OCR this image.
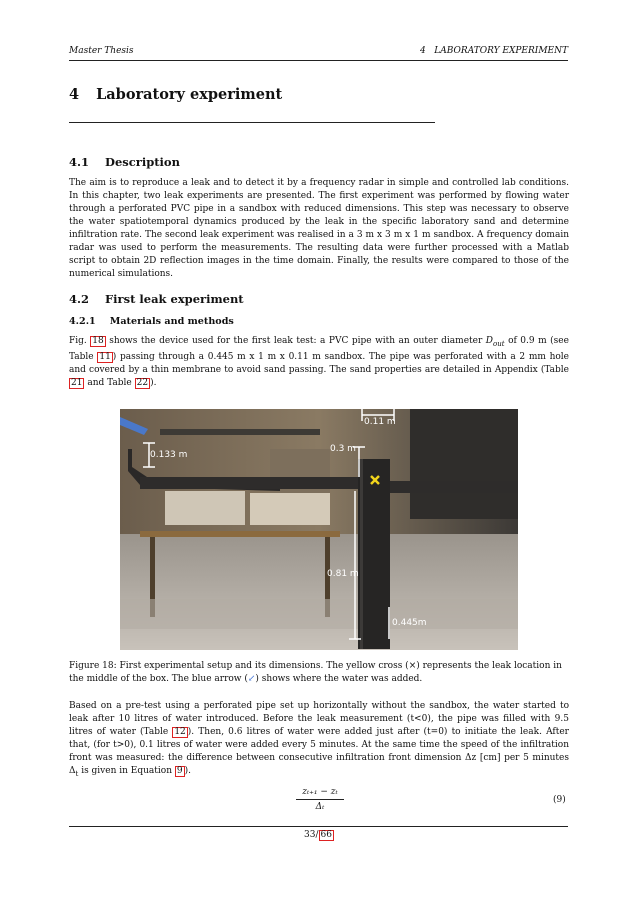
Master Thesis	4   LABORATORY EXPERIMENT
4 Laboratory experiment
4.1 Description

The aim is to reproduce a leak and to detect it by a frequency radar in simple and controlled lab conditions. In this chapter, two leak experiments are presented. The first experiment was performed by flowing water through a perforated PVC pipe in a sandbox with reduced dimensions. This step was necessary to observe the water spatiotemporal dynamics produced by the leak in the specific laboratory sand and determine infiltration rate. The second leak experiment was realised in a 3 m x 3 m x 1 m sandbox. A frequency domain radar was used to perform the measurements. The resulting data were further processed with a Matlab script to obtain 2D reflection images in the time domain. Finally, the results were compared to those of the numerical simulations.

4.2 First leak experiment
4.2.1 Materials and methods

Fig. 18 shows the device used for the first leak test: a PVC pipe with an outer diameter $D_{out}$ of 0.9 m (see Table 11 ) passing through a 0.445 m x 1 m x 0.11 m sandbox. The pipe was perforated with a 2 mm hole and covered by a thin membrane to avoid sand passing. The sand properties are detailed in Appendix (Table 21 and Table 22 ).

0.11 m
0.3 m
0.133 m
0.81 m
0.445m

Figure 18: First experimental setup and its dimensions. The yellow cross (×) represents the leak location in the middle of the box. The blue arrow (↙) shows where the water was added.

Based on a pre-test using a perforated pipe set up horizontally without the sandbox, the water started to leak after 10 litres of water introduced. Before the leak measurement (t<0), the pipe was filled with 9.5 litres of water (Table 12 ). Then, 0.6 litres of water were added just after (t=0) to initiate the leak. After that, (for t>0), 0.1 litres of water were added every 5 minutes. At the same time the speed of the infiltration front was measured: the difference between consecutive infiltration front dimension Δz [cm] per 5 minutes $\Delta_t$ is given in Equation 9 ).

zₜ₊₁ − zₜ
Δₜ
(9)
33/ 66
